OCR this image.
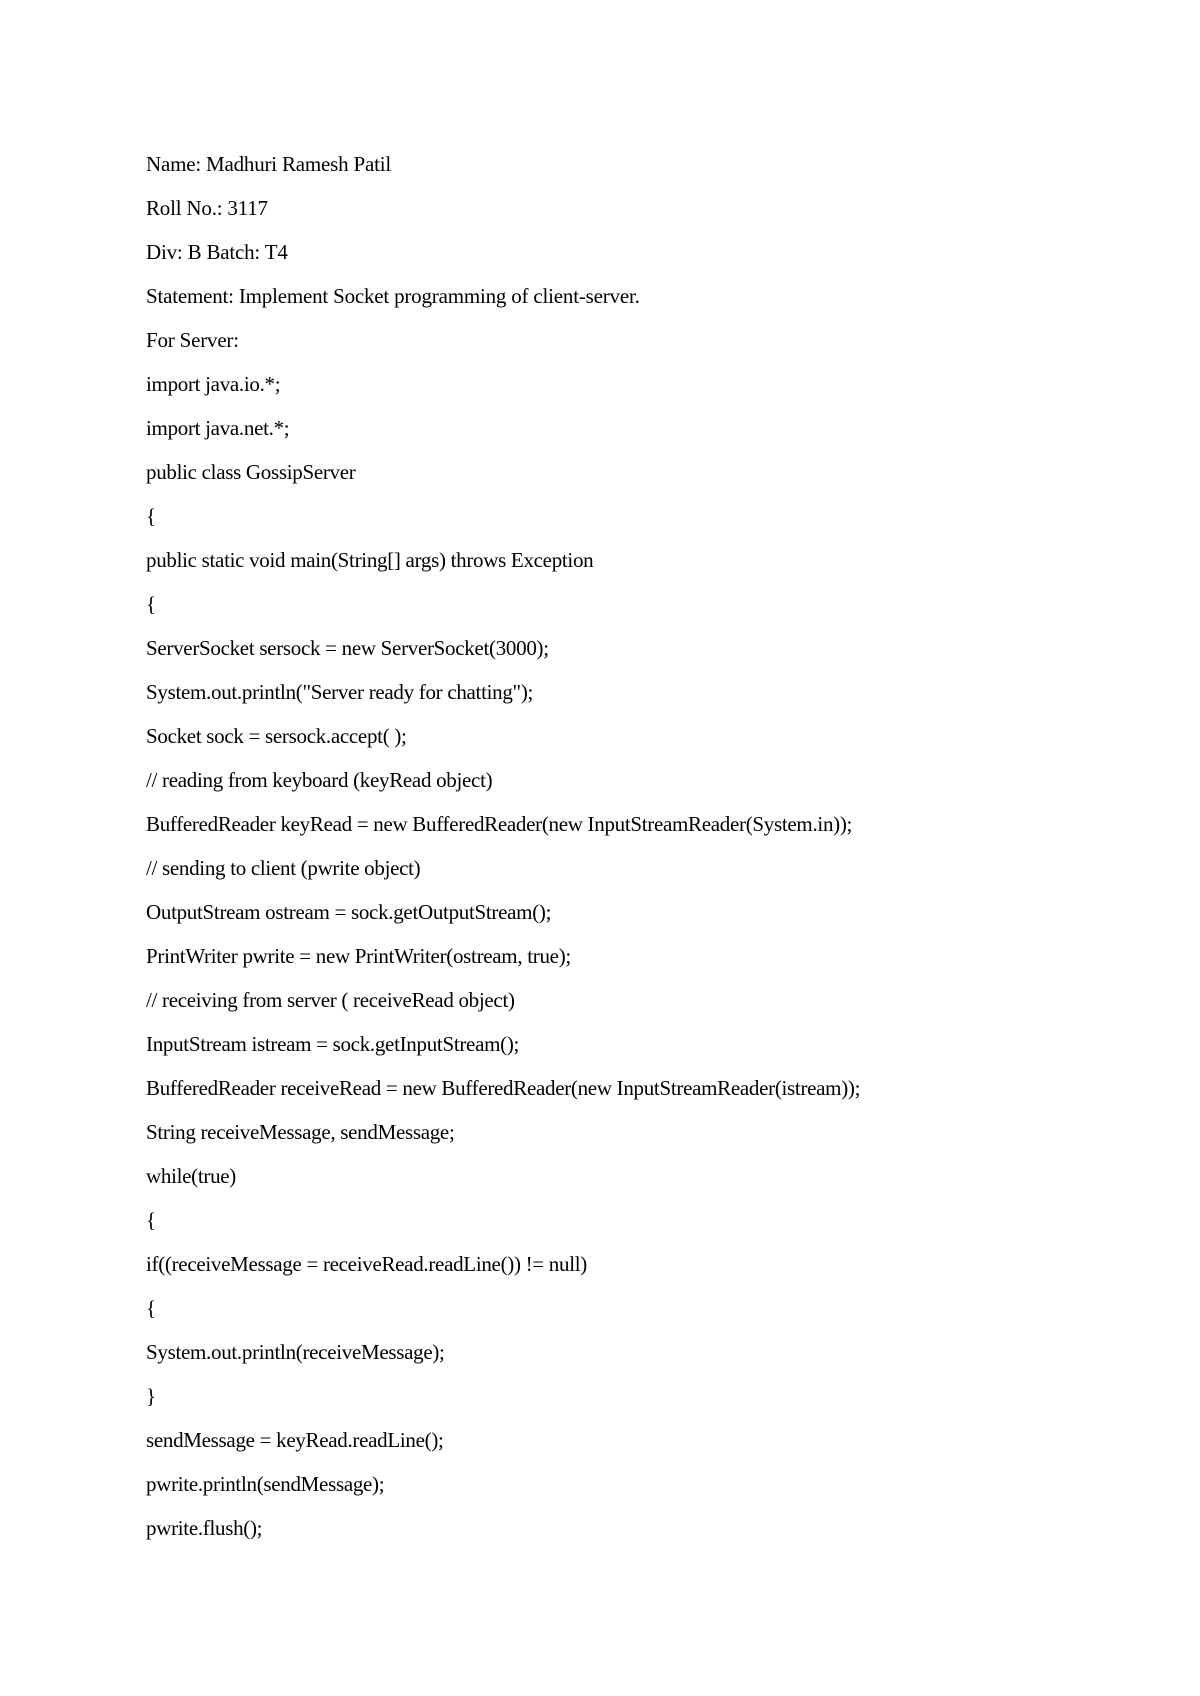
Name: Madhuri Ramesh Patil
Roll No.: 3117
Div: B Batch: T4
Statement: Implement Socket programming of client-server.
For Server:
import java.io.*;
import java.net.*;
public class GossipServer
{
public static void main(String[] args) throws Exception
{
ServerSocket sersock = new ServerSocket(3000);
System.out.println("Server ready for chatting");
Socket sock = sersock.accept( );
// reading from keyboard (keyRead object)
BufferedReader keyRead = new BufferedReader(new InputStreamReader(System.in));
// sending to client (pwrite object)
OutputStream ostream = sock.getOutputStream();
PrintWriter pwrite = new PrintWriter(ostream, true);
// receiving from server ( receiveRead object)
InputStream istream = sock.getInputStream();
BufferedReader receiveRead = new BufferedReader(new InputStreamReader(istream));
String receiveMessage, sendMessage;
while(true)
{
if((receiveMessage = receiveRead.readLine()) != null)
{
System.out.println(receiveMessage);
}
sendMessage = keyRead.readLine();
pwrite.println(sendMessage);
pwrite.flush();
